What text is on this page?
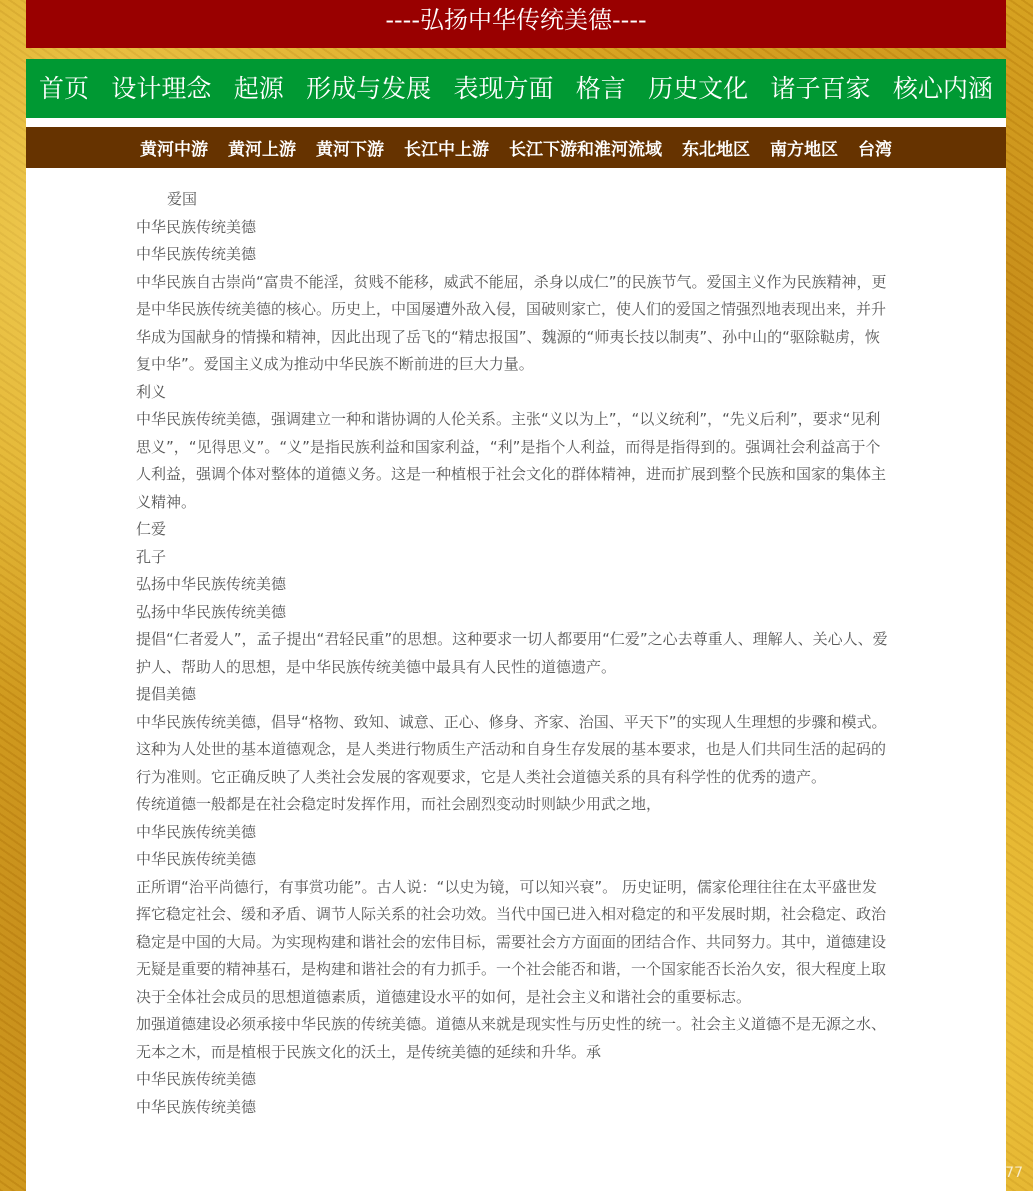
----弘扬中华传统美德----
首页 设计理念 起源 形成与发展 表现方面 格言 历史文化 诸子百家 核心内涵
黄河中游 黄河上游 黄河下游 长江中上游 长江下游和淮河流域 东北地区 南方地区 台湾

爱国

中华民族传统美德

中华民族传统美德

中华民族自古崇尚“富贵不能淫，贫贱不能移，威武不能屈，杀身以成仁”的民族节气。爱国主义作为民族精神，更是中华民族传统美德的核心。历史上，中国屡遭外敌入侵，国破则家亡，使人们的爱国之情强烈地表现出来，并升华成为国献身的情操和精神，因此出现了岳飞的“精忠报国”、魏源的“师夷长技以制夷”、孙中山的“驱除鞑虏，恢复中华”。爱国主义成为推动中华民族不断前进的巨大力量。

利义

中华民族传统美德，强调建立一种和谐协调的人伦关系。主张“义以为上”，“以义统利”，“先义后利”，要求“见利思义”，“见得思义”。“义”是指民族利益和国家利益，“利”是指个人利益，而得是指得到的。强调社会利益高于个人利益，强调个体对整体的道德义务。这是一种植根于社会文化的群体精神，进而扩展到整个民族和国家的集体主义精神。

仁爱

孔子

弘扬中华民族传统美德

弘扬中华民族传统美德

提倡“仁者爱人”，孟子提出“君轻民重”的思想。这种要求一切人都要用“仁爱”之心去尊重人、理解人、关心人、爱护人、帮助人的思想，是中华民族传统美德中最具有人民性的道德遗产。

提倡美德

中华民族传统美德，倡导“格物、致知、诚意、正心、修身、齐家、治国、平天下”的实现人生理想的步骤和模式。这种为人处世的基本道德观念，是人类进行物质生产活动和自身生存发展的基本要求，也是人们共同生活的起码的行为准则。它正确反映了人类社会发展的客观要求，它是人类社会道德关系的具有科学性的优秀的遗产。

传统道德一般都是在社会稳定时发挥作用，而社会剧烈变动时则缺少用武之地，

中华民族传统美德

中华民族传统美德

正所谓“治平尚德行，有事赏功能”。古人说：“以史为镜，可以知兴衰”。 历史证明，儒家伦理往往在太平盛世发挥它稳定社会、缓和矛盾、调节人际关系的社会功效。当代中国已进入相对稳定的和平发展时期，社会稳定、政治稳定是中国的大局。为实现构建和谐社会的宏伟目标，需要社会方方面面的团结合作、共同努力。其中，道德建设无疑是重要的精神基石，是构建和谐社会的有力抓手。一个社会能否和谐，一个国家能否长治久安，很大程度上取决于全体社会成员的思想道德素质，道德建设水平的如何，是社会主义和谐社会的重要标志。

加强道德建设必须承接中华民族的传统美德。道德从来就是现实性与历史性的统一。社会主义道德不是无源之水、无本之木，而是植根于民族文化的沃土，是传统美德的延续和升华。承

中华民族传统美德

中华民族传统美德

https://blog.csdn.net/ruan365392777
